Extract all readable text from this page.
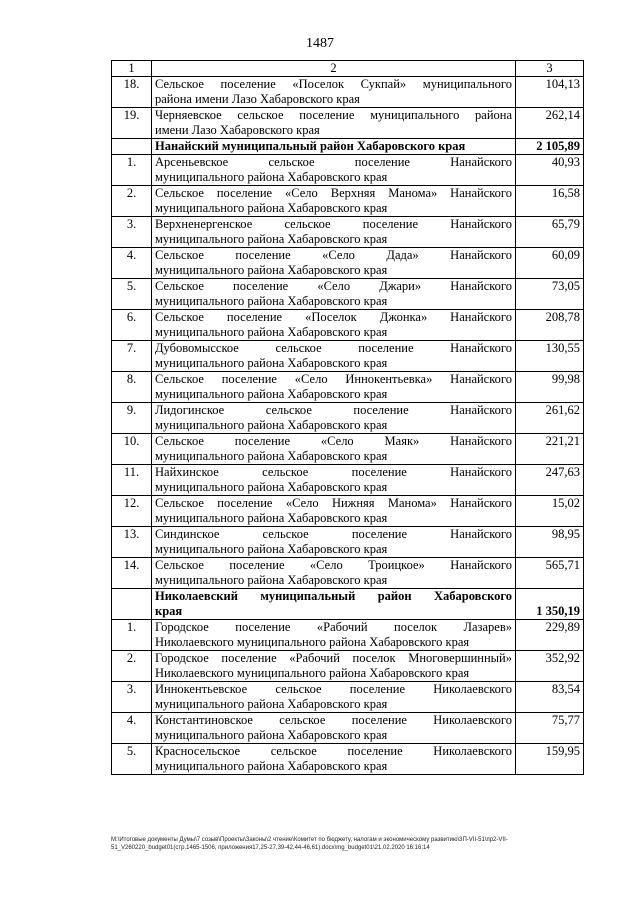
1487
1	2	3
18.	Сельское поселение «Поселок Сукпай» муниципального
района имени Лазо Хабаровского края	104,13
19.	Черняевское сельское поселение муниципального района
имени Лазо Хабаровского края	262,14

	Нанайский муниципальный район Хабаровского края	2 105,89
1.	Арсеньевское сельское поселение Нанайского
муниципального района Хабаровского края	40,93
2.	Сельское поселение «Село Верхняя Манома» Нанайского
муниципального района Хабаровского края	16,58
3.	Верхненергенское сельское поселение Нанайского
муниципального района Хабаровского края	65,79
4.	Сельское поселение «Село Дада» Нанайского
муниципального района Хабаровского края	60,09
5.	Сельское поселение «Село Джари» Нанайского
муниципального района Хабаровского края	73,05
6.	Сельское поселение «Поселок Джонка» Нанайского
муниципального района Хабаровского края	208,78
7.	Дубовомысское сельское поселение Нанайского
муниципального района Хабаровского края	130,55
8.	Сельское поселение «Село Иннокентьевка» Нанайского
муниципального района Хабаровского края	99,98
9.	Лидогинское сельское поселение Нанайского
муниципального района Хабаровского края	261,62
10.	Сельское поселение «Село Маяк» Нанайского
муниципального района Хабаровского края	221,21
11.	Найхинское сельское поселение Нанайского
муниципального района Хабаровского края	247,63
12.	Сельское поселение «Село Нижняя Манома» Нанайского
муниципального района Хабаровского края	15,02
13.	Синдинское сельское поселение Нанайского
муниципального района Хабаровского края	98,95
14.	Сельское поселение «Село Троицкое» Нанайского
муниципального района Хабаровского края	565,71

	Николаевский муниципальный район Хабаровского
края	1 350,19
1.	Городское поселение «Рабочий поселок Лазарев»
Николаевского муниципального района Хабаровского края	229,89
2.	Городское поселение «Рабочий поселок Многовершинный»
Николаевского муниципального района Хабаровского края	352,92
3.	Иннокентьевское сельское поселение Николаевского
муниципального района Хабаровского края	83,54
4.	Константиновское сельское поселение Николаевского
муниципального района Хабаровского края	75,77
5.	Красносельское сельское поселение Николаевского
муниципального района Хабаровского края	159,95
M:\Итоговые документы Думы\7 созыв\Проекты\Законы\2 чтение\Комитет по бюджету, налогам и экономическому развитию\3П-VII-51\пр2-VII-
51_V260220_budget01(стр.1465-1506, приложения17,25-27,39-42,44-46,61).docx\mg_budget01\21.02.2020 16:16:14
